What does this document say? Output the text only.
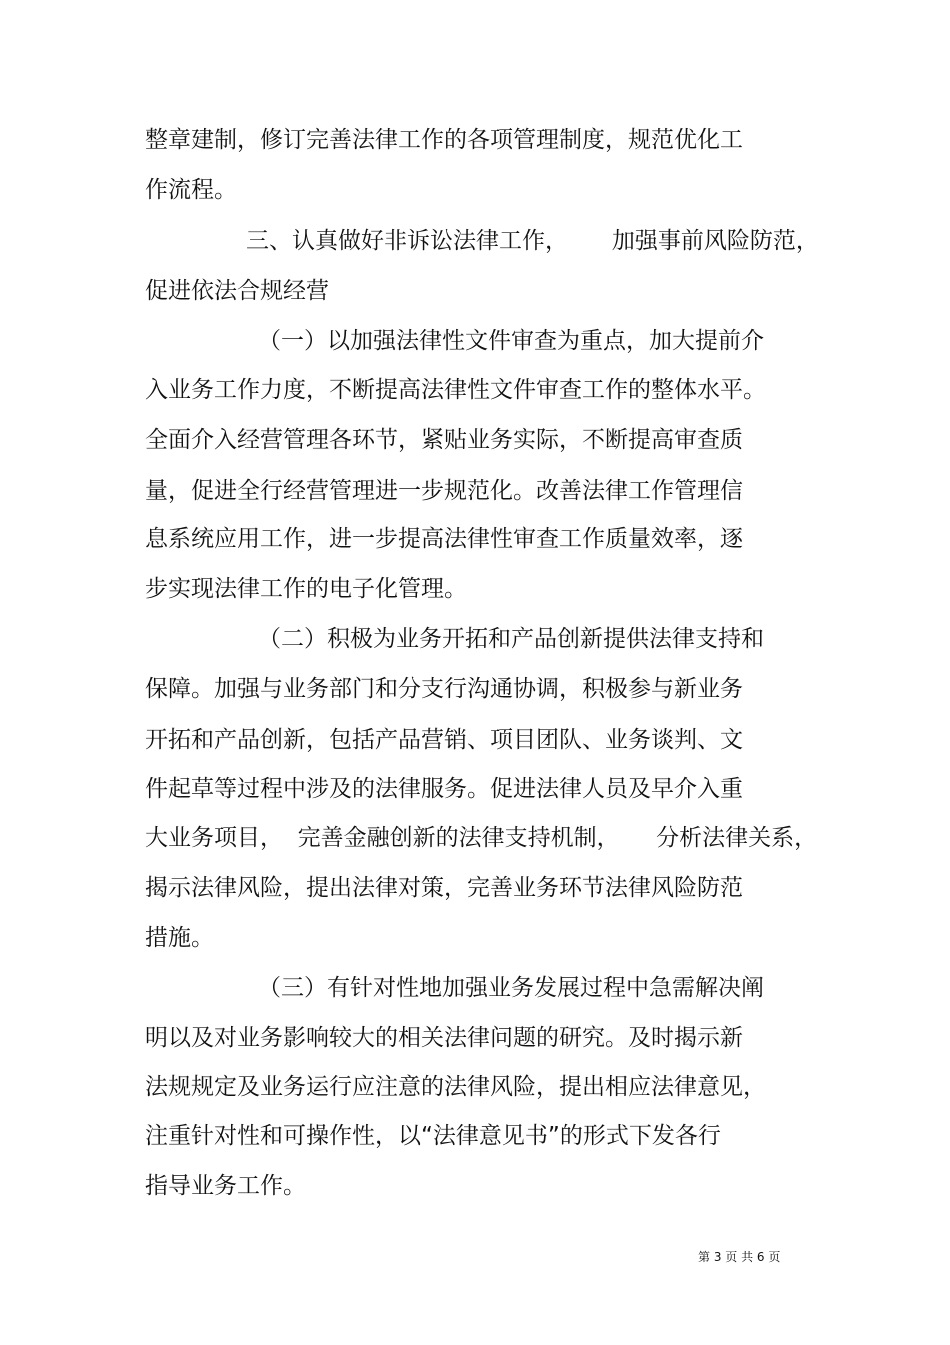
整章建制，修订完善法律工作的各项管理制度，规范优化工
作流程。
三、认真做好非诉讼法律工作，      加强事前风险防范，
促进依法合规经营
（一）以加强法律性文件审查为重点，加大提前介
入业务工作力度，不断提高法律性文件审查工作的整体水平。
全面介入经营管理各环节，紧贴业务实际，不断提高审查质
量，促进全行经营管理进一步规范化。改善法律工作管理信
息系统应用工作，进一步提高法律性审查工作质量效率，逐
步实现法律工作的电子化管理。
（二）积极为业务开拓和产品创新提供法律支持和
保障。加强与业务部门和分支行沟通协调，积极参与新业务
开拓和产品创新，包括产品营销、项目团队、业务谈判、文
件起草等过程中涉及的法律服务。促进法律人员及早介入重
大业务项目，  完善金融创新的法律支持机制，     分析法律关系，
揭示法律风险，提出法律对策，完善业务环节法律风险防范
措施。
（三）有针对性地加强业务发展过程中急需解决阐
明以及对业务影响较大的相关法律问题的研究。及时揭示新
法规规定及业务运行应注意的法律风险，提出相应法律意见，
注重针对性和可操作性，以“法律意见书”的形式下发各行
指导业务工作。
第 3 页 共 6 页
